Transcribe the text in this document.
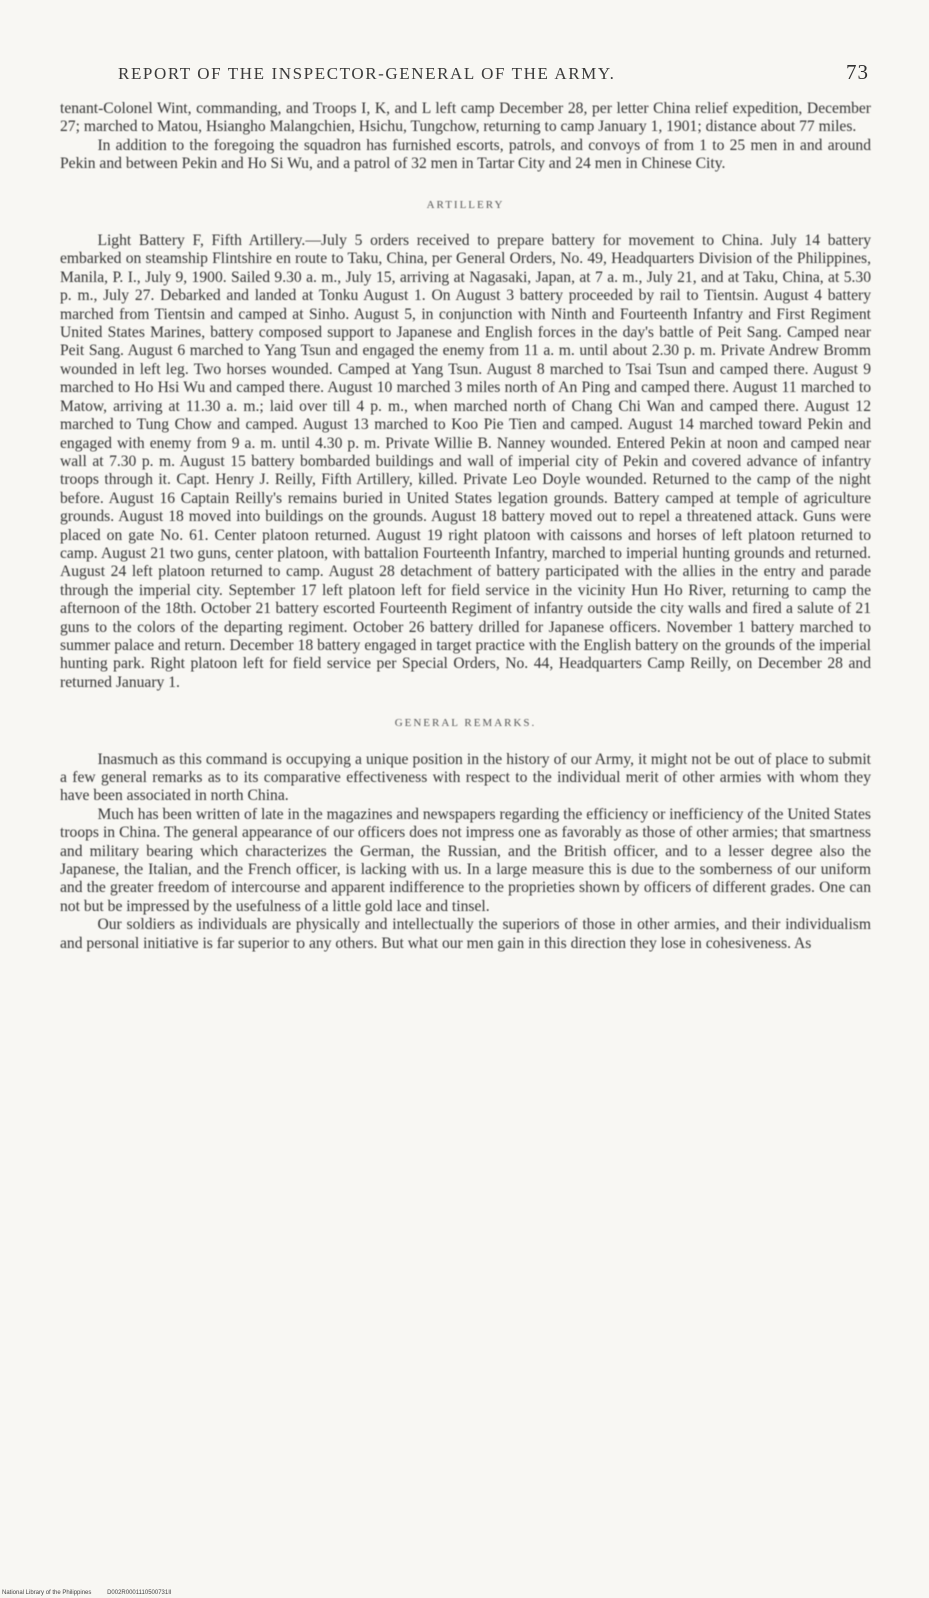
REPORT OF THE INSPECTOR-GENERAL OF THE ARMY.	73

tenant-Colonel Wint, commanding, and Troops I, K, and L left camp December 28, per letter China relief expedition, December 27; marched to Matou, Hsiangho Malangchien, Hsichu, Tungchow, returning to camp January 1, 1901; distance about 77 miles.

In addition to the foregoing the squadron has furnished escorts, patrols, and convoys of from 1 to 25 men in and around Pekin and between Pekin and Ho Si Wu, and a patrol of 32 men in Tartar City and 24 men in Chinese City.

ARTILLERY

Light Battery F, Fifth Artillery.—July 5 orders received to prepare battery for movement to China. July 14 battery embarked on steamship Flintshire en route to Taku, China, per General Orders, No. 49, Headquarters Division of the Philippines, Manila, P. I., July 9, 1900. Sailed 9.30 a. m., July 15, arriving at Nagasaki, Japan, at 7 a. m., July 21, and at Taku, China, at 5.30 p. m., July 27. Debarked and landed at Tonku August 1. On August 3 battery proceeded by rail to Tientsin. August 4 battery marched from Tientsin and camped at Sinho. August 5, in conjunction with Ninth and Fourteenth Infantry and First Regiment United States Marines, battery composed support to Japanese and English forces in the day's battle of Peit Sang. Camped near Peit Sang. August 6 marched to Yang Tsun and engaged the enemy from 11 a. m. until about 2.30 p. m. Private Andrew Bromm wounded in left leg. Two horses wounded. Camped at Yang Tsun. August 8 marched to Tsai Tsun and camped there. August 9 marched to Ho Hsi Wu and camped there. August 10 marched 3 miles north of An Ping and camped there. August 11 marched to Matow, arriving at 11.30 a. m.; laid over till 4 p. m., when marched north of Chang Chi Wan and camped there. August 12 marched to Tung Chow and camped. August 13 marched to Koo Pie Tien and camped. August 14 marched toward Pekin and engaged with enemy from 9 a. m. until 4.30 p. m. Private Willie B. Nanney wounded. Entered Pekin at noon and camped near wall at 7.30 p. m. August 15 battery bombarded buildings and wall of imperial city of Pekin and covered advance of infantry troops through it. Capt. Henry J. Reilly, Fifth Artillery, killed. Private Leo Doyle wounded. Returned to the camp of the night before. August 16 Captain Reilly's remains buried in United States legation grounds. Battery camped at temple of agriculture grounds. August 18 moved into buildings on the grounds. August 18 battery moved out to repel a threatened attack. Guns were placed on gate No. 61. Center platoon returned. August 19 right platoon with caissons and horses of left platoon returned to camp. August 21 two guns, center platoon, with battalion Fourteenth Infantry, marched to imperial hunting grounds and returned. August 24 left platoon returned to camp. August 28 detachment of battery participated with the allies in the entry and parade through the imperial city. September 17 left platoon left for field service in the vicinity Hun Ho River, returning to camp the afternoon of the 18th. October 21 battery escorted Fourteenth Regiment of infantry outside the city walls and fired a salute of 21 guns to the colors of the departing regiment. October 26 battery drilled for Japanese officers. November 1 battery marched to summer palace and return. December 18 battery engaged in target practice with the English battery on the grounds of the imperial hunting park. Right platoon left for field service per Special Orders, No. 44, Headquarters Camp Reilly, on December 28 and returned January 1.

GENERAL REMARKS.

Inasmuch as this command is occupying a unique position in the history of our Army, it might not be out of place to submit a few general remarks as to its comparative effectiveness with respect to the individual merit of other armies with whom they have been associated in north China.

Much has been written of late in the magazines and newspapers regarding the efficiency or inefficiency of the United States troops in China. The general appearance of our officers does not impress one as favorably as those of other armies; that smartness and military bearing which characterizes the German, the Russian, and the British officer, and to a lesser degree also the Japanese, the Italian, and the French officer, is lacking with us. In a large measure this is due to the somberness of our uniform and the greater freedom of intercourse and apparent indifference to the proprieties shown by officers of different grades. One can not but be impressed by the usefulness of a little gold lace and tinsel.

Our soldiers as individuals are physically and intellectually the superiors of those in other armies, and their individualism and personal initiative is far superior to any others. But what our men gain in this direction they lose in cohesiveness. As

National Library of the Philippines	D002R0001110500731II
